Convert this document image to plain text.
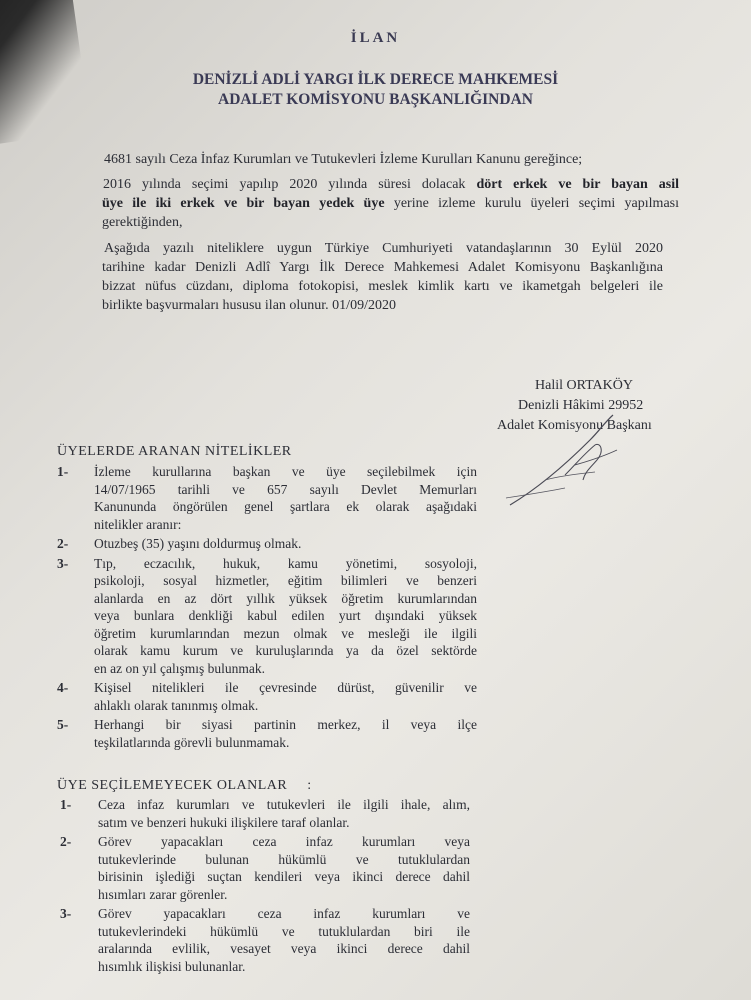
İLAN
DENİZLİ ADLİ YARGI İLK DERECE MAHKEMESİ
ADALET KOMİSYONU BAŞKANLIĞINDAN
4681 sayılı Ceza İnfaz Kurumları ve Tutukevleri İzleme Kurulları Kanunu gereğince;
2016 yılında seçimi yapılıp 2020 yılında süresi dolacak dört erkek ve bir bayan asil
üye ile iki erkek ve bir bayan yedek üye yerine izleme kurulu üyeleri seçimi yapılması
gerektiğinden,
Aşağıda yazılı niteliklere uygun Türkiye Cumhuriyeti vatandaşlarının 30 Eylül 2020
tarihine kadar Denizli Adlî Yargı İlk Derece Mahkemesi Adalet Komisyonu Başkanlığına
bizzat nüfus cüzdanı, diploma fotokopisi, meslek kimlik kartı ve ikametgah belgeleri ile
birlikte başvurmaları hususu ilan olunur. 01/09/2020
Halil ORTAKÖY
Denizli Hâkimi 29952
Adalet Komisyonu Başkanı
ÜYELERDE ARANAN NİTELİKLER
1-	İzleme kurullarına başkan ve üye seçilebilmek için
14/07/1965 tarihli ve 657 sayılı Devlet Memurları
Kanununda öngörülen genel şartlara ek olarak aşağıdaki
nitelikler aranır:
2-	Otuzbeş (35) yaşını doldurmuş olmak.
3-	Tıp, eczacılık, hukuk, kamu yönetimi, sosyoloji,
psikoloji, sosyal hizmetler, eğitim bilimleri ve benzeri
alanlarda en az dört yıllık yüksek öğretim kurumlarından
veya bunlara denkliği kabul edilen yurt dışındaki yüksek
öğretim kurumlarından mezun olmak ve mesleği ile ilgili
olarak kamu kurum ve kuruluşlarında ya da özel sektörde
en az on yıl çalışmış bulunmak.
4-	Kişisel nitelikleri ile çevresinde dürüst, güvenilir ve
ahlaklı olarak tanınmış olmak.
5-	Herhangi bir siyasi partinin merkez, il veya ilçe
teşkilatlarında görevli bulunmamak.
ÜYE SEÇİLEMEYECEK OLANLAR     :
1-	Ceza infaz kurumları ve tutukevleri ile ilgili ihale, alım,
satım ve benzeri hukuki ilişkilere taraf olanlar.
2-	Görev yapacakları ceza infaz kurumları veya
tutukevlerinde bulunan hükümlü ve tutuklulardan
birisinin işlediği suçtan kendileri veya ikinci derece dahil
hısımları zarar görenler.
3-	Görev yapacakları ceza infaz kurumları ve
tutukevlerindeki hükümlü ve tutuklulardan biri ile
aralarında evlilik, vesayet veya ikinci derece dahil
hısımlık ilişkisi bulunanlar.
